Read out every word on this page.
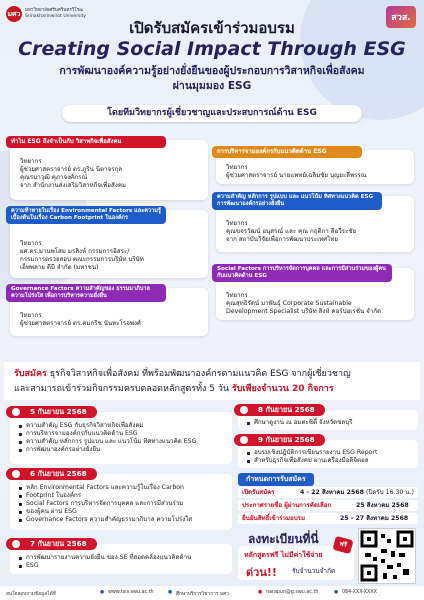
มศว	มหาวิทยาลัยศรีนครินทรวิโรฒ
Srinakharinwirot University	สวส.
เปิดรับสมัครเข้าร่วมอบรม
Creating Social Impact Through ESG
การพัฒนาองค์ความรู้อย่างยั่งยืนของผู้ประกอบการวิสาหกิจเพื่อสังคม
ผ่านมุมมอง ESG
โดยทีมวิทยากรผู้เชี่ยวชาญและประสบการณ์ด้าน ESG
ทำไม ESG ถึงจำเป็นกับ วิสาหกิจเพื่อสังคม
วิทยากร
ผู้ช่วยศาสตราจารย์ ดร.ภูริน นิตาจรกุล
คุณรมาวุฒิ คุภาจงศ์ภรณ์
จาก สำนักงานส่งเสริมวิสาหกิจเพื่อสังคม
ความท้าทายในเรื่อง Environmental Factors และความรู้เบื้องต้นในเรื่อง Carbon Footprint ในองค์กร
วิทยากร
ผศ.ดร.มานพโสม มรสิงห์ กรรมการอิสระ/
กรรมการตรวจสอบ คณะกรรมการบริษัท บริษัท
เอ็พพลาย ดีบี จำกัด (มหาชน)
Governance Factors ความสำคัญของ ธรรมมาภิบาล ความโปร่งใส เพื่อการบริหารความยั่งยืน
วิทยากร
ผู้ช่วยศาสตราจารย์ ดร.คมกริช นันทะโรจพงศ์
การบริหารจามองค์กรกับแนวคิดด้าน ESG
วิทยากร
ผู้ช่วยศาสตราจารย์ นายแพทย์เฉลิมชัย บุญยะลีพรรณ
ความสำคัญ หลักการ รูปแบบ และ แนวโน้ม ทิศทางแนวคิด ESG การพัฒนาองค์กรอย่างยั่งยืน
วิทยากร
คุณขจรวัฒน์ อนุสรณ์ และ คุณ กฤติกา ลือวีระชัย
จาก สถาบันวิจัยเพื่อการพัฒนาประเทศไทย
Social Factors การบริหารจัดการบุคคล และการมีส่วนร่วมของผู้คน กับแนวคิดด้าน ESG
วิทยากร
คุณสุทธิรัตน์ มาพันธุ์ Corporate Sustainable
Development Specialist บริษัท สิงห์ คอร์ปอเรชั่น จำกัด
รับสมัคร ธุรกิจวิสาหกิจเพื่อสังคม ที่พร้อมพัฒนาองค์กรตามแนวคิด ESG จากผู้เชี่ยวชาญ
และสามารถเข้าร่วมกิจกรรมครบตลอดหลักสูตรทั้ง 5 วัน รับเพียงจำนวน 20 กิจการ
5 กันยายน 2568
ความสำคัญ ESG กับธุรกิจวิสาหกิจเพื่อสังคม
การบริหารจามองค์กรกับแนวคิดด้าน ESG
ความสำคัญ หลักการ รูปแบบ และ แนวโน้ม ทิศทางแนวคิด ESG
การพัฒนาองค์กรอย่างยั่งยืน
6 กันยายน 2568
หลัก Environmental Factors และความรู้ในเรื่อง Carbon
Footprint ในองค์กร
Social Factors การบริหารจัดการบุคคล และการมีส่วนร่วม
ของผู้คน ผ่าน ESG
Governance Factors ความสำคัญธรรมาภิบาล ความโปร่งใส
7 กันยายน 2568
การพัฒนารายงานความยั่งยืน ของ SE ที่สอดคล้องแนวคิดด้าน
ESG
8 กันยายน 2568
ศึกษาดูงาน ณ อมตะซิตี้ จังหวัดชลบุรี
9 กันยายน 2568
อบรมเชิงปฏิบัติการเขียนรายงาน ESG Report
สำหรับธุรกิจเพื่อสังคม ผ่านเครื่องมือดิจิตอล
กำหนดการรับสมัคร
เปิดรับสมัคร	4 - 22 สิงหาคม 2568 (ปิดรับ 16.30 น.)
ประกาศรายชื่อ ผู้ผ่านการคัดเลือก	25 สิงหาคม 2568
ยืนยันสิทธิ์เข้าร่วมอบรม	25 - 27 สิงหาคม 2568
ลงทะเบียนที่นี่	ฟรี
หลักสูตรฟรี ไม่มีค่าใช้จ่าย
ด่วน!! รับจำนวนจำกัด
สนใจสอบถามข้อมูลได้ที่	● www.tsis.swu.ac.th	● ศึกษาบริการวิชาการ มศว	● narapun@g.swu.ac.th	● 084-XXX-XXXX
